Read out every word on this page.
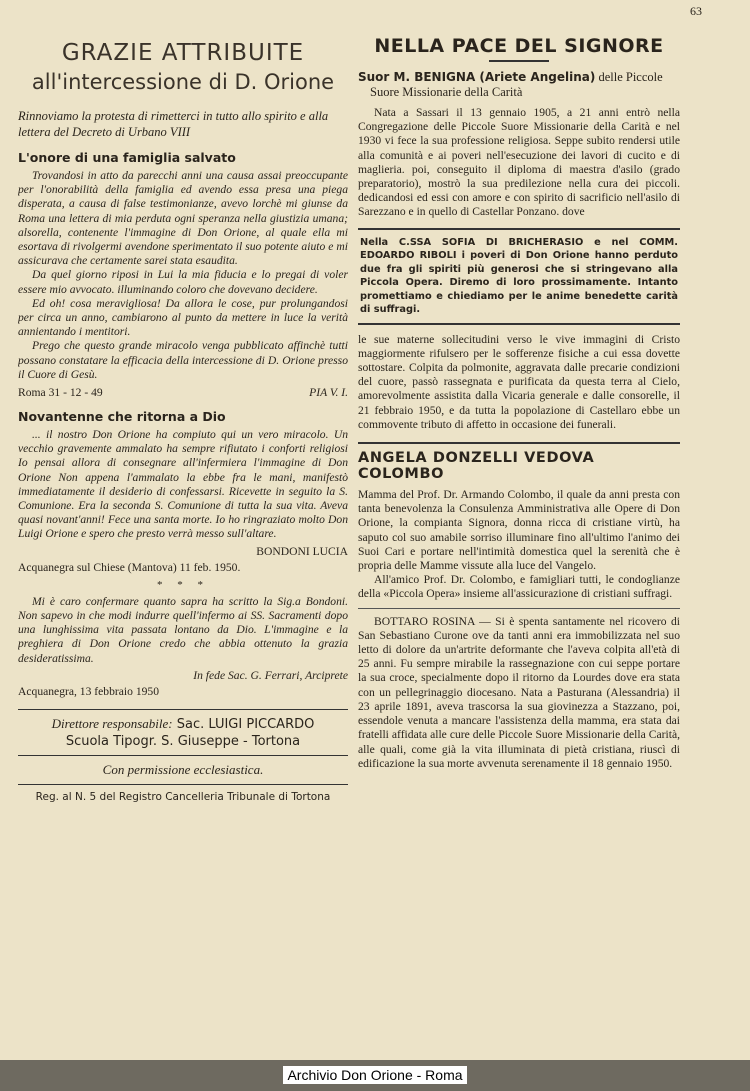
63
GRAZIE ATTRIBUITE
all'intercessione di D. Orione
Rinnoviamo la protesta di rimetterci in tutto allo spirito e alla lettera del Decreto di Urbano VIII
L'onore di una famiglia salvato

Trovandosi in atto da parecchi anni una causa assai preoccupante per l'onorabilità della famiglia ed avendo essa presa una piega disperata, a causa di false testimonianze, avevo lorchè mi giunse da Roma una lettera di mia perduta ogni speranza nella giustizia umana; alsorella, contenente l'immagine di Don Orione, al quale ella mi esortava di rivolgermi avendone sperimentato il suo potente aiuto e mi assicurava che certamente sarei stata esaudita.

Da quel giorno riposi in Lui la mia fiducia e lo pregai di voler essere mio avvocato. illuminando coloro che dovevano decidere.

Ed oh! cosa meravigliosa! Da allora le cose, pur prolungandosi per circa un anno, cambiarono al punto da mettere in luce la verità annientando i mentitori.

Prego che questo grande miracolo venga pubblicato affinchè tutti possano constatare la efficacia della intercessione di D. Orione presso il Cuore di Gesù.

Roma 31 - 12 - 49	PIA V. I.
Novantenne che ritorna a Dio

... il nostro Don Orione ha compiuto qui un vero miracolo. Un vecchio gravemente ammalato ha sempre rifiutato i conforti religiosi Io pensai allora di consegnare all'infermiera l'immagine di Don Orione Non appena l'ammalato la ebbe fra le mani, manifestò immediatamente il desiderio di confessarsi. Ricevette in seguito la S. Comunione. Era la seconda S. Comunione di tutta la sua vita. Aveva quasi novant'anni! Fece una santa morte. Io ho ringraziato molto Don Luigi Orione e spero che presto verrà messo sull'altare.

BONDONI LUCIA

Acquanegra sul Chiese (Mantova) 11 feb. 1950.

* * *

Mi è caro confermare quanto sapra ha scritto la Sig.a Bondoni. Non sapevo in che modi indurre quell'infermo ai SS. Sacramenti dopo una lunghissima vita passata lontano da Dio. L'immagine e la preghiera di Don Orione credo che abbia ottenuto la grazia desideratissima.

In fede Sac. G. Ferrari, Arciprete

Acquanegra, 13 febbraio 1950

Direttore responsabile: Sac. LUIGI PICCARDO
Scuola Tipogr. S. Giuseppe - Tortona
Con permissione ecclesiastica.
Reg. al N. 5 del Registro Cancelleria Tribunale di Tortona
NELLA PACE DEL SIGNORE
Suor M. BENIGNA (Ariete Angelina) delle Piccole Suore Missionarie della Carità

Nata a Sassari il 13 gennaio 1905, a 21 anni entrò nella Congregazione delle Piccole Suore Missionarie della Carità e nel 1930 vi fece la sua professione religiosa. Seppe subito rendersi utile alla comunità e ai poveri nell'esecuzione dei lavori di cucito e di maglieria. poi, conseguito il diploma di maestra d'asilo (grado preparatorio), mostrò la sua predilezione nella cura dei piccoli. dedicandosi ed essi con amore e con spirito di sacrificio nell'asilo di Sarezzano e in quello di Castellar Ponzano. dove

Nella C.SSA SOFIA DI BRICHERASIO e nel COMM. EDOARDO RIBOLI i poveri di Don Orione hanno perduto due fra gli spiriti più generosi che si stringevano alla Piccola Opera. Diremo di loro prossimamente. Intanto promettiamo e chiediamo per le anime benedette carità di suffragi.

le sue materne sollecitudini verso le vive immagini di Cristo maggiormente rifulsero per le sofferenze fisiche a cui essa dovette sottostare. Colpita da polmonite, aggravata dalle precarie condizioni del cuore, passò rassegnata e purificata da questa terra al Cielo, amorevolmente assistita dalla Vicaria generale e dalle consorelle, il 21 febbraio 1950, e da tutta la popolazione di Castellaro ebbe un commovente tributo di affetto in occasione dei funerali.

ANGELA DONZELLI VEDOVA COLOMBO

Mamma del Prof. Dr. Armando Colombo, il quale da anni presta con tanta benevolenza la Consulenza Amministrativa alle Opere di Don Orione, la compianta Signora, donna ricca di cristiane virtù, ha saputo col suo amabile sorriso illuminare fino all'ultimo l'animo dei Suoi Cari e portare nell'intimità domestica quel la serenità che è propria delle Mamme vissute alla luce del Vangelo.

All'amico Prof. Dr. Colombo, e famigliari tutti, le condoglianze della «Piccola Opera» insieme all'assicurazione di cristiani suffragi.

BOTTARO ROSINA — Si è spenta santamente nel ricovero di San Sebastiano Curone ove da tanti anni era immobilizzata nel suo letto di dolore da un'artrite deformante che l'aveva colpita all'età di 25 anni. Fu sempre mirabile la rassegnazione con cui seppe portare la sua croce, specialmente dopo il ritorno da Lourdes dove era stata con un pellegrinaggio diocesano. Nata a Pasturana (Alessandria) il 23 aprile 1891, aveva trascorsa la sua giovinezza a Stazzano, poi, essendole venuta a mancare l'assistenza della mamma, era stata dai fratelli affidata alle cure delle Piccole Suore Missionarie della Carità, alle quali, come già la vita illuminata di pietà cristiana, riuscì di edificazione la sua morte avvenuta serenamente il 18 gennaio 1950.

Archivio Don Orione - Roma
